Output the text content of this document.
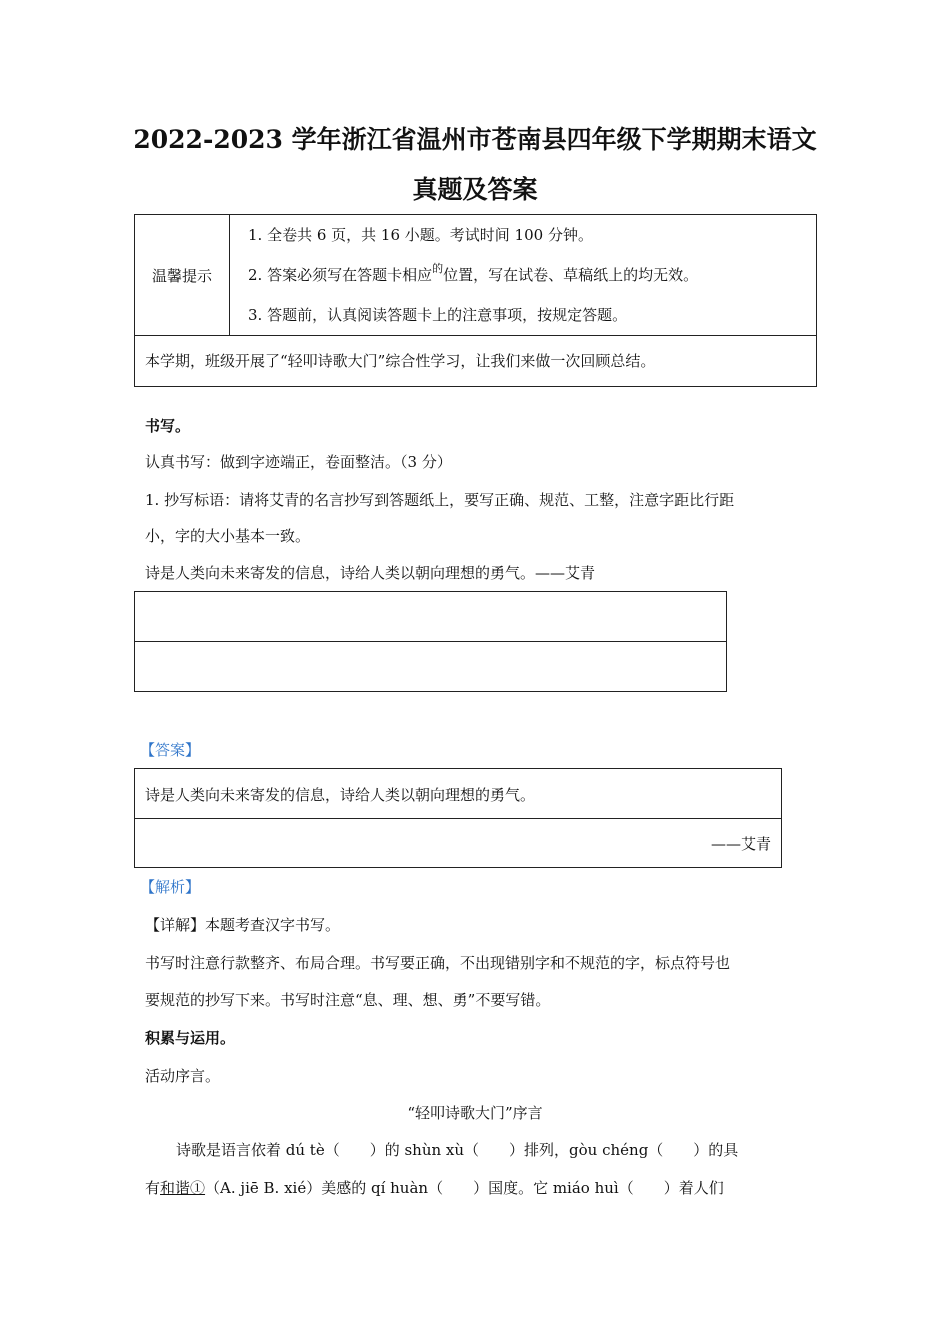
2022-2023 学年浙江省温州市苍南县四年级下学期期末语文
真题及答案
温馨提示	
1. 全卷共 6 页，共 16 小题。考试时间 100 分钟。
2. 答案必须写在答题卡相应$^的$位置，写在试卷、草稿纸上的均无效。
3. 答题前，认真阅读答题卡上的注意事项，按规定答题。

本学期，班级开展了“轻叩诗歌大门”综合性学习，让我们来做一次回顾总结。
书写。
认真书写：做到字迹端正，卷面整洁。（3 分）
1. 抄写标语：请将艾青的名言抄写到答题纸上，要写正确、规范、工整，注意字距比行距
小，字的大小基本一致。
诗是人类向未来寄发的信息，诗给人类以朝向理想的勇气。——艾青
【答案】
诗是人类向未来寄发的信息，诗给人类以朝向理想的勇气。
——艾青
【解析】
【详解】本题考查汉字书写。
书写时注意行款整齐、布局合理。书写要正确，不出现错别字和不规范的字，标点符号也
要规范的抄写下来。书写时注意“息、理、想、勇”不要写错。
积累与运用。
活动序言。
“轻叩诗歌大门”序言
诗歌是语言依着 dú tè（　　）的 shùn xù（　　）排列，gòu chéng（　　）的具
有和谐①（A. jiē B. xié）美感的 qí huàn（　　）国度。它 miáo huì（　　）着人们
